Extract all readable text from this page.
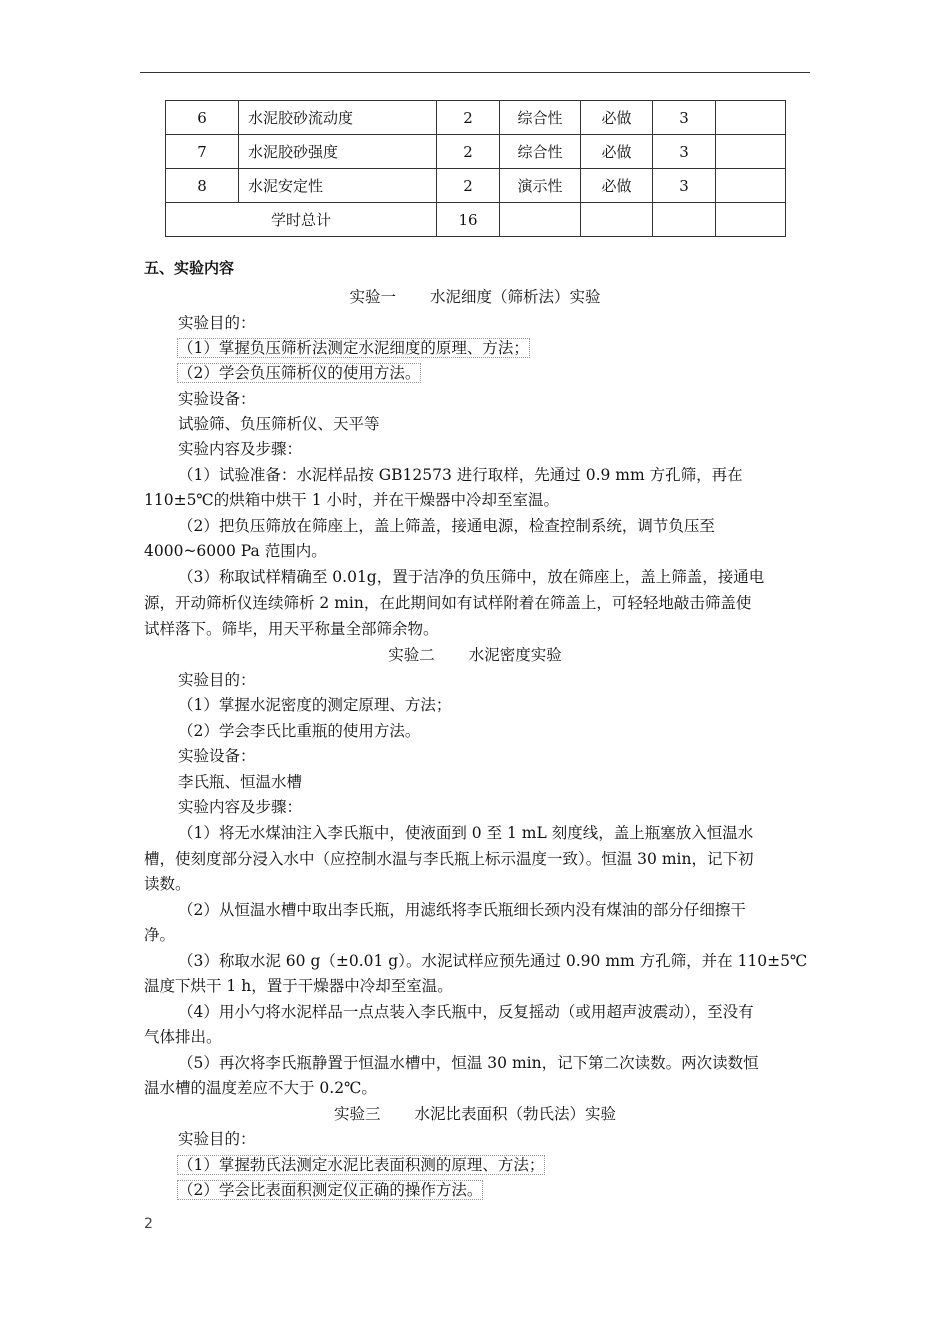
6	水泥胶砂流动度	2	综合性	必做	3	
7	水泥胶砂强度	2	综合性	必做	3	
8	水泥安定性	2	演示性	必做	3	
学时总计		16				
五、实验内容
实验一 水泥细度（筛析法）实验
实验目的：
（1）掌握负压筛析法测定水泥细度的原理、方法；
（2）学会负压筛析仪的使用方法。
实验设备：
试验筛、负压筛析仪、天平等
实验内容及步骤：
（1）试验准备：水泥样品按 GB12573 进行取样，先通过 0.9 mm 方孔筛，再在
110±5℃的烘箱中烘干 1 小时，并在干燥器中冷却至室温。
（2）把负压筛放在筛座上，盖上筛盖，接通电源，检查控制系统，调节负压至
4000~6000 Pa 范围内。
（3）称取试样精确至 0.01g，置于洁净的负压筛中，放在筛座上，盖上筛盖，接通电
源，开动筛析仪连续筛析 2 min，在此期间如有试样附着在筛盖上，可轻轻地敲击筛盖使
试样落下。筛毕，用天平称量全部筛余物。
实验二 水泥密度实验
实验目的：
（1）掌握水泥密度的测定原理、方法；
（2）学会李氏比重瓶的使用方法。
实验设备：
李氏瓶、恒温水槽
实验内容及步骤：
（1）将无水煤油注入李氏瓶中，使液面到 0 至 1 mL 刻度线，盖上瓶塞放入恒温水
槽，使刻度部分浸入水中（应控制水温与李氏瓶上标示温度一致）。恒温 30 min，记下初
读数。
（2）从恒温水槽中取出李氏瓶，用滤纸将李氏瓶细长颈内没有煤油的部分仔细擦干
净。
（3）称取水泥 60 g（±0.01 g）。水泥试样应预先通过 0.90 mm 方孔筛，并在 110±5℃
温度下烘干 1 h，置于干燥器中冷却至室温。
（4）用小勺将水泥样品一点点装入李氏瓶中，反复摇动（或用超声波震动），至没有
气体排出。
（5）再次将李氏瓶静置于恒温水槽中，恒温 30 min，记下第二次读数。两次读数恒
温水槽的温度差应不大于 0.2℃。
实验三 水泥比表面积（勃氏法）实验
实验目的：
（1）掌握勃氏法测定水泥比表面积测的原理、方法；
（2）学会比表面积测定仪正确的操作方法。
2
